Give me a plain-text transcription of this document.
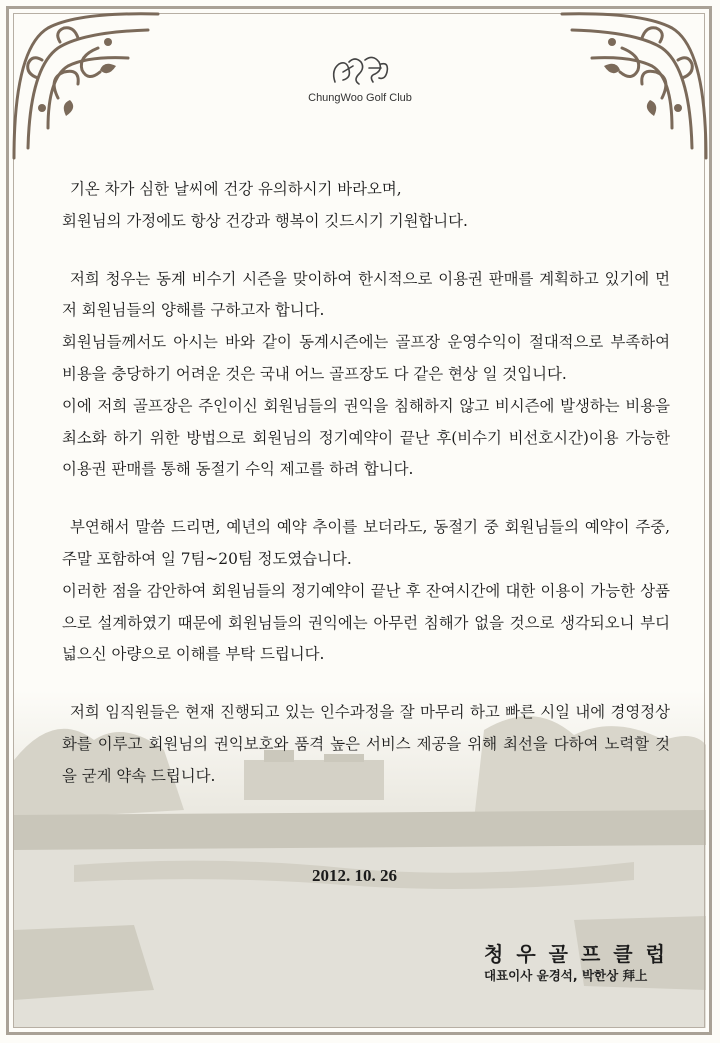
ChungWoo Golf Club

기온 차가 심한 날씨에 건강 유의하시기 바라오며,

회원님의 가정에도 항상 건강과 행복이 깃드시기 기원합니다.

저희 청우는 동계 비수기 시즌을 맞이하여 한시적으로 이용권 판매를 계획하고 있기에 먼저 회원님들의 양해를 구하고자 합니다.

회원님들께서도 아시는 바와 같이 동계시즌에는 골프장 운영수익이 절대적으로 부족하여 비용을 충당하기 어려운 것은 국내 어느 골프장도 다 같은 현상 일 것입니다.

이에 저희 골프장은 주인이신 회원님들의 권익을 침해하지 않고 비시즌에 발생하는 비용을 최소화 하기 위한 방법으로 회원님의 정기예약이 끝난 후(비수기 비선호시간)이용 가능한 이용권 판매를 통해 동절기 수익 제고를 하려 합니다.

부연해서 말씀 드리면, 예년의 예약 추이를 보더라도, 동절기 중 회원님들의 예약이 주중, 주말 포함하여 일 7팀~20팀 정도였습니다.

이러한 점을 감안하여 회원님들의 정기예약이 끝난 후 잔여시간에 대한 이용이 가능한 상품으로 설계하였기 때문에 회원님들의 권익에는 아무런 침해가 없을 것으로 생각되오니 부디 넓으신 아량으로 이해를 부탁 드립니다.

저희 임직원들은 현재 진행되고 있는 인수과정을 잘 마무리 하고 빠른 시일 내에 경영정상화를 이루고 회원님의 권익보호와 품격 높은 서비스 제공을 위해 최선을 다하여 노력할 것을 굳게 약속 드립니다.

2012. 10. 26
청우골프클럽
대표이사 윤경석, 박한상 拜上
